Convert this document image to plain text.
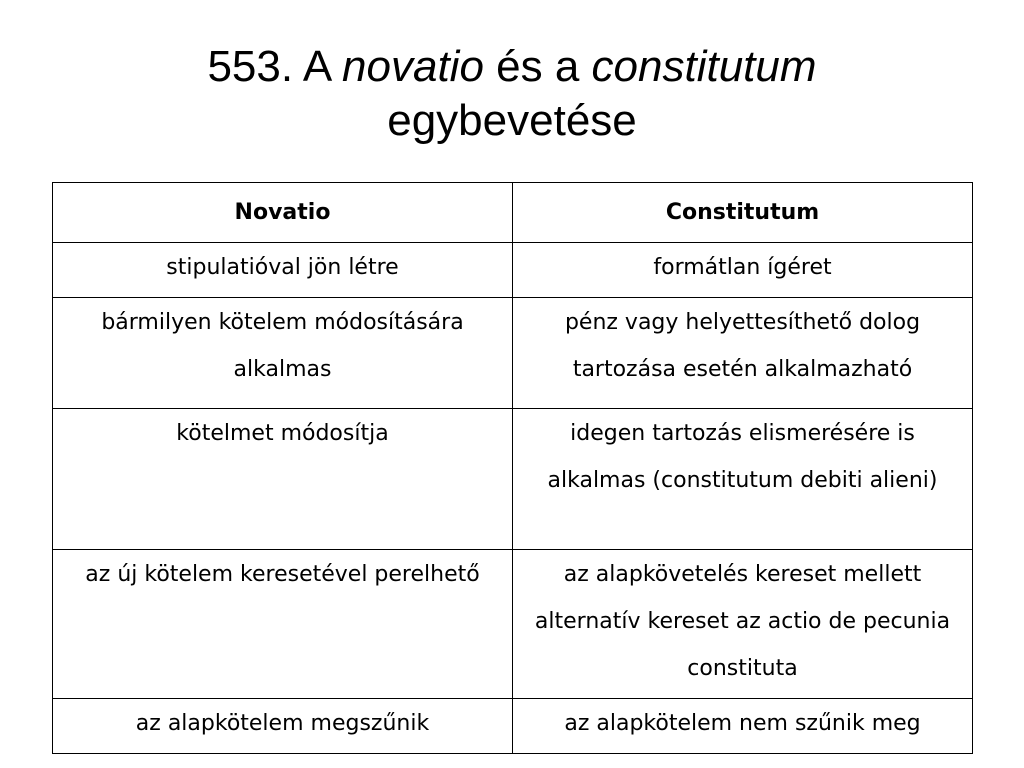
553. A novatio és a constitutum
egybevetése
Novatio	Constitutum

stipulatióval jön létre	formátlan ígéret

bármilyen kötelem módosítására alkalmas	pénz vagy helyettesíthető dolog tartozása esetén alkalmazható

kötelmet módosítja	idegen tartozás elismerésére is alkalmas (constitutum debiti alieni)

az új kötelem keresetével perelhető	az alapkövetelés kereset mellett alternatív kereset az actio de pecunia constituta

az alapkötelem megszűnik	az alapkötelem nem szűnik meg
